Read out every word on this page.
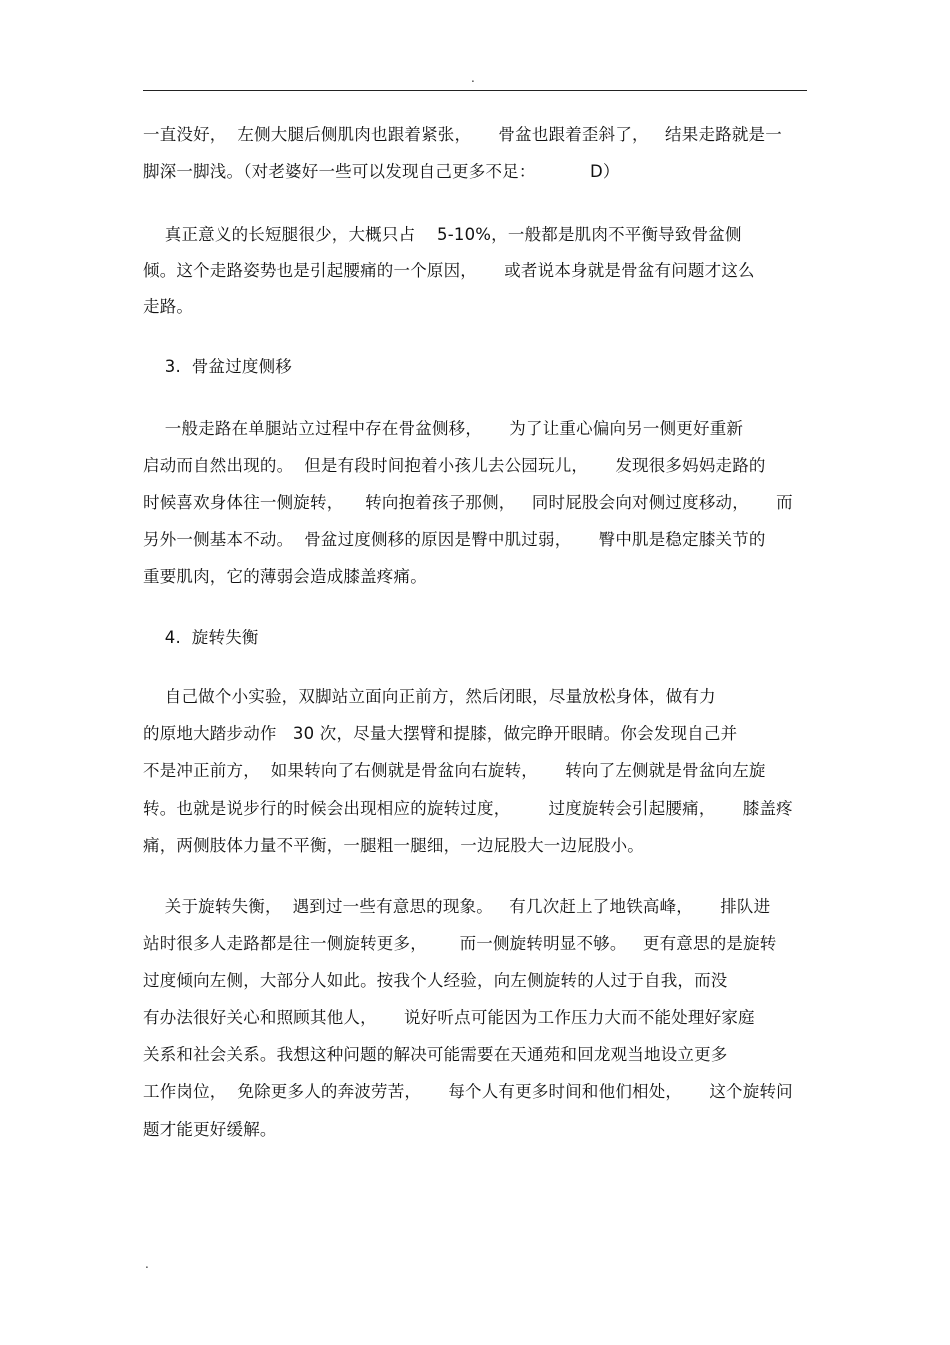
.
一直没好，  左侧大腿后侧肌肉也跟着紧张，     骨盆也跟着歪斜了，   结果走路就是一
脚深一脚浅。（对老婆好一些可以发现自己更多不足：          D）
真正意义的长短腿很少，大概只占    5-10%，一般都是肌肉不平衡导致骨盆侧
倾。这个走路姿势也是引起腰痛的一个原因，     或者说本身就是骨盆有问题才这么
走路。
3.  骨盆过度侧移
一般走路在单腿站立过程中存在骨盆侧移，     为了让重心偏向另一侧更好重新
启动而自然出现的。  但是有段时间抱着小孩儿去公园玩儿，     发现很多妈妈走路的
时候喜欢身体往一侧旋转，    转向抱着孩子那侧，   同时屁股会向对侧过度移动，     而
另外一侧基本不动。  骨盆过度侧移的原因是臀中肌过弱，     臀中肌是稳定膝关节的
重要肌肉，它的薄弱会造成膝盖疼痛。
4.  旋转失衡
自己做个小实验，双脚站立面向正前方，然后闭眼，尽量放松身体，做有力
的原地大踏步动作   30 次，尽量大摆臂和提膝，做完睁开眼睛。你会发现自己并
不是冲正前方，  如果转向了右侧就是骨盆向右旋转，     转向了左侧就是骨盆向左旋
转。也就是说步行的时候会出现相应的旋转过度，       过度旋转会引起腰痛，     膝盖疼
痛，两侧肢体力量不平衡，一腿粗一腿细，一边屁股大一边屁股小。
关于旋转失衡，  遇到过一些有意思的现象。   有几次赶上了地铁高峰，     排队进
站时很多人走路都是往一侧旋转更多，      而一侧旋转明显不够。   更有意思的是旋转
过度倾向左侧，大部分人如此。按我个人经验，向左侧旋转的人过于自我，而没
有办法很好关心和照顾其他人，     说好听点可能因为工作压力大而不能处理好家庭
关系和社会关系。我想这种问题的解决可能需要在天通苑和回龙观当地设立更多
工作岗位，  免除更多人的奔波劳苦，     每个人有更多时间和他们相处，     这个旋转问
题才能更好缓解。
.
